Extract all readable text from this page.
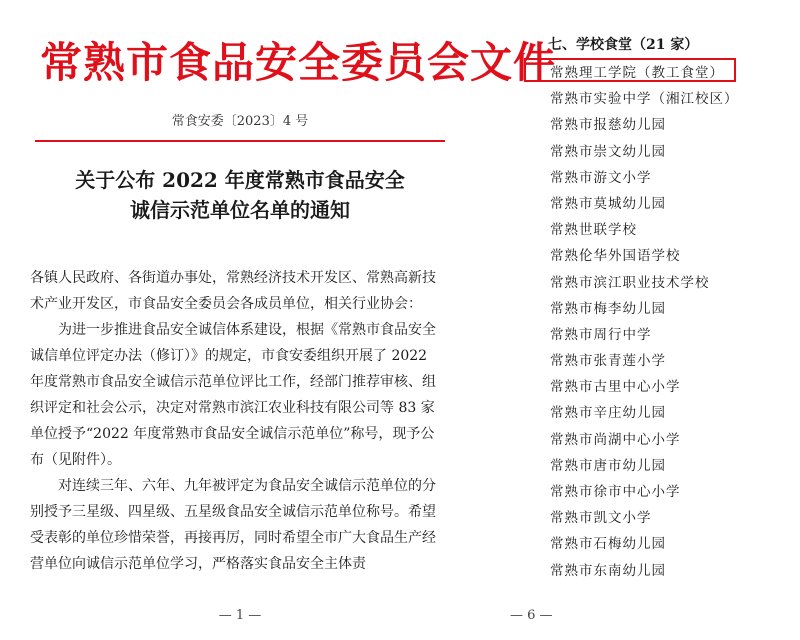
常熟市食品安全委员会文件
常食安委〔2023〕4 号
关于公布 2022 年度常熟市食品安全
诚信示范单位名单的通知

各镇人民政府、各街道办事处，常熟经济技术开发区、常熟高新技术产业开发区，市食品安全委员会各成员单位，相关行业协会：

为进一步推进食品安全诚信体系建设，根据《常熟市食品安全诚信单位评定办法（修订）》的规定，市食安委组织开展了 2022 年度常熟市食品安全诚信示范单位评比工作，经部门推荐审核、组织评定和社会公示，决定对常熟市滨江农业科技有限公司等 83 家单位授予“2022 年度常熟市食品安全诚信示范单位”称号，现予公布（见附件）。

对连续三年、六年、九年被评定为食品安全诚信示范单位的分别授予三星级、四星级、五星级食品安全诚信示范单位称号。希望受表彰的单位珍惜荣誉，再接再厉，同时希望全市广大食品生产经营单位向诚信示范单位学习，严格落实食品安全主体责

— 1 —
七、学校食堂（21 家）
常熟理工学院（教工食堂）
常熟市实验中学（湘江校区）
常熟市报慈幼儿园
常熟市崇文幼儿园
常熟市游文小学
常熟市莫城幼儿园
常熟世联学校
常熟伦华外国语学校
常熟市滨江职业技术学校
常熟市梅李幼儿园
常熟市周行中学
常熟市张青莲小学
常熟市古里中心小学
常熟市辛庄幼儿园
常熟市尚湖中心小学
常熟市唐市幼儿园
常熟市徐市中心小学
常熟市凯文小学
常熟市石梅幼儿园
常熟市东南幼儿园
— 6 —
